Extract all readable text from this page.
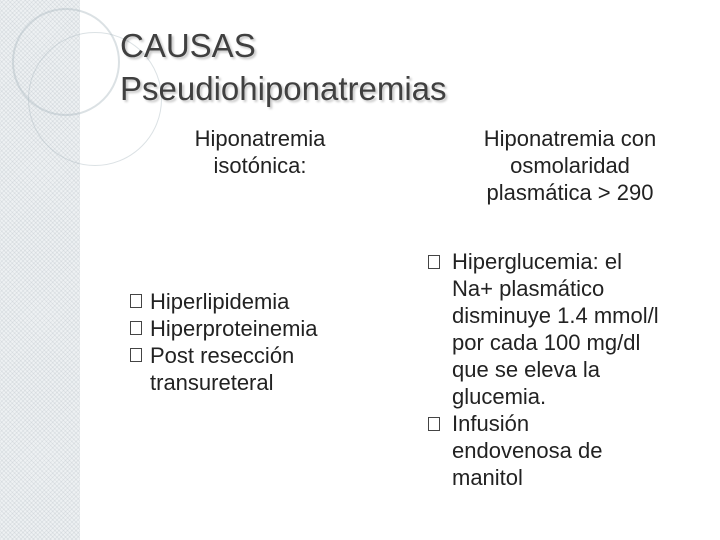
CAUSAS
Pseudiohiponatremias
Hiponatremia
isotónica:
Hiponatremia con
osmolaridad
plasmática > 290
Hiperlipidemia
Hiperproteinemia
Post resección
transureteral
Hiperglucemia: el
Na+ plasmático
disminuye 1.4 mmol/l
por cada 100 mg/dl
que se eleva la
glucemia.
Infusión
endovenosa de
manitol
